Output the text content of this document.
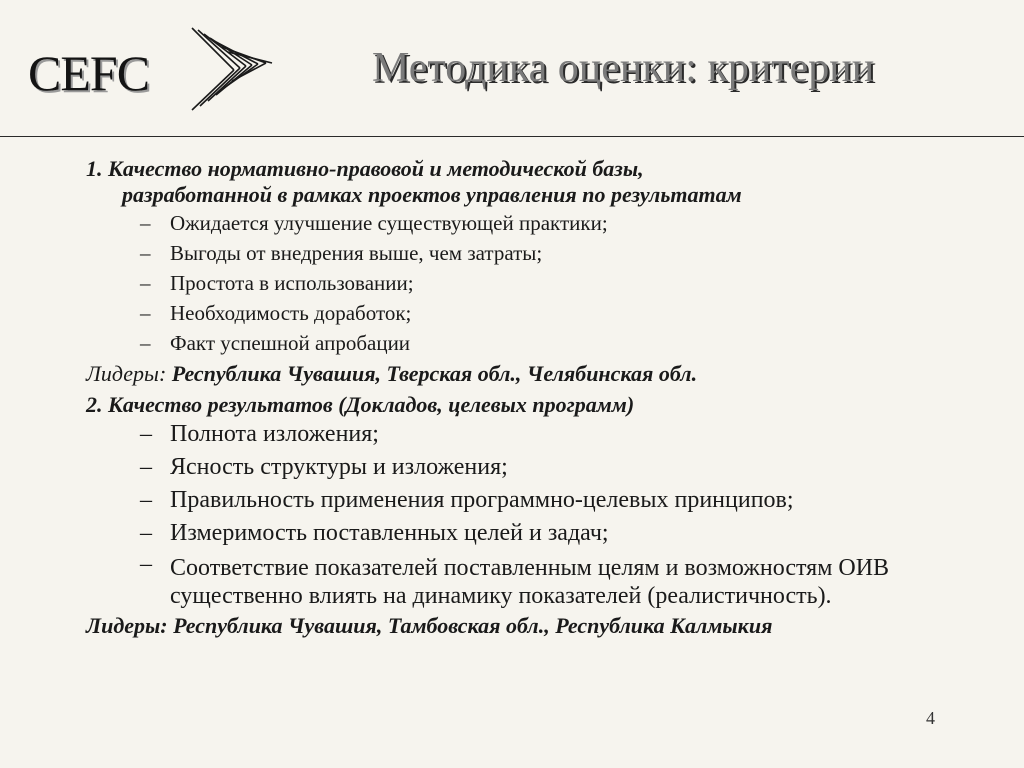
CEFC	Методика оценки: критерии
1. Качество нормативно-правовой и методической базы,
разработанной в рамках проектов управления по результатам
– Ожидается улучшение существующей практики;
– Выгоды от внедрения выше, чем затраты;
– Простота в использовании;
– Необходимость доработок;
– Факт успешной апробации
Лидеры: Республика Чувашия, Тверская обл., Челябинская обл.
2. Качество результатов (Докладов, целевых программ)
– Полнота изложения;
– Ясность структуры и изложения;
– Правильность применения программно-целевых принципов;
– Измеримость поставленных целей и задач;
– Соответствие показателей поставленным целям и возможностям ОИВ существенно влиять на динамику показателей (реалистичность).
Лидеры: Республика Чувашия, Тамбовская обл., Республика Калмыкия
4
